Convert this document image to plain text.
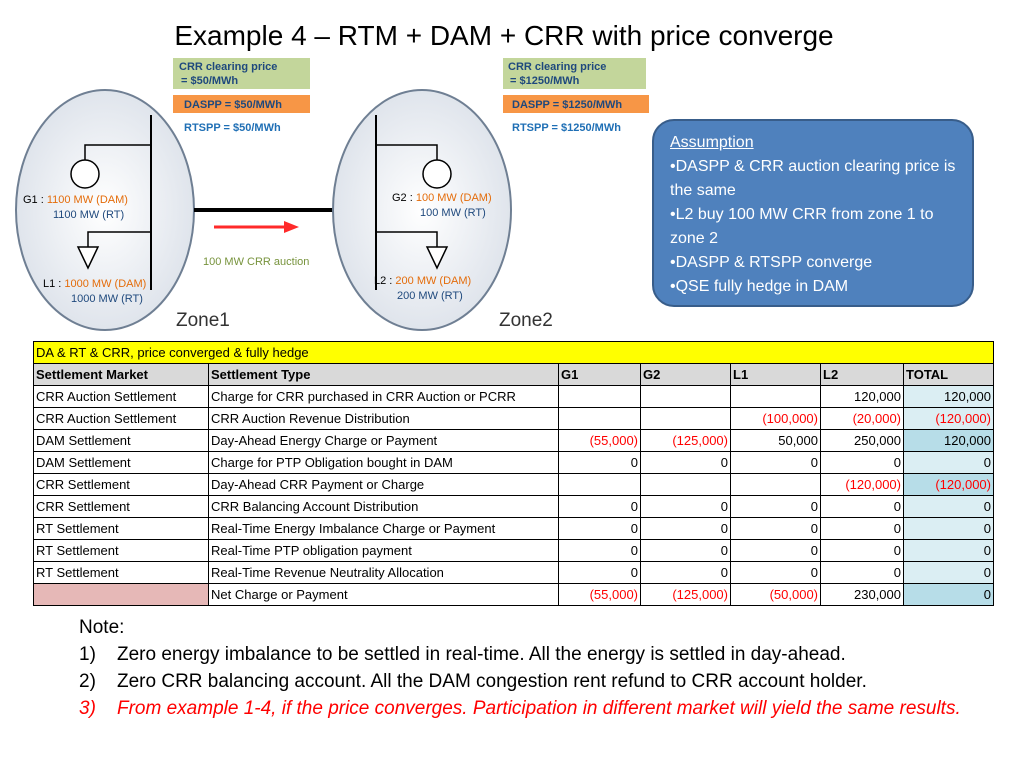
Example 4 – RTM + DAM + CRR with price converge
G1 : 1100 MW (DAM)
1100 MW (RT)
L1 : 1000 MW (DAM)
1000 MW (RT)
CRR clearing price
= $50/MWh
DASPP = $50/MWh
RTSPP = $50/MWh
Zone1
100 MW CRR auction
G2 : 100 MW (DAM)
100 MW (RT)
L2 : 200 MW (DAM)
200 MW (RT)
CRR clearing price
= $1250/MWh
DASPP = $1250/MWh
RTSPP = $1250/MWh
Zone2
Assumption
•DASPP & CRR auction clearing price is the same
•L2 buy 100 MW CRR from zone 1 to zone 2
•DASPP & RTSPP converge
•QSE fully hedge in DAM
DA & RT & CRR, price converged & fully hedge						
Settlement Market	Settlement Type	G1	G2	L1	L2	TOTAL
CRR Auction Settlement	Charge for CRR purchased in CRR Auction or PCRR				120,000	120,000
CRR Auction Settlement	CRR Auction Revenue Distribution			(100,000)	(20,000)	(120,000)
DAM Settlement	Day-Ahead Energy Charge or Payment	(55,000)	(125,000)	50,000	250,000	120,000
DAM Settlement	Charge for PTP Obligation bought in DAM	0	0	0	0	0
CRR Settlement	Day-Ahead CRR Payment or Charge				(120,000)	(120,000)
CRR Settlement	CRR Balancing Account Distribution	0	0	0	0	0
RT Settlement	Real-Time Energy Imbalance Charge or Payment	0	0	0	0	0
RT Settlement	Real-Time PTP obligation payment	0	0	0	0	0
RT Settlement	Real-Time Revenue Neutrality Allocation	0	0	0	0	0
	Net Charge or Payment	(55,000)	(125,000)	(50,000)	230,000	0
Note:
1) Zero energy imbalance to be settled in real-time. All the energy is settled in day-ahead.
2) Zero CRR balancing account. All the DAM congestion rent refund to CRR account holder.
3) From example 1-4, if the price converges. Participation in different market will yield the same results.
